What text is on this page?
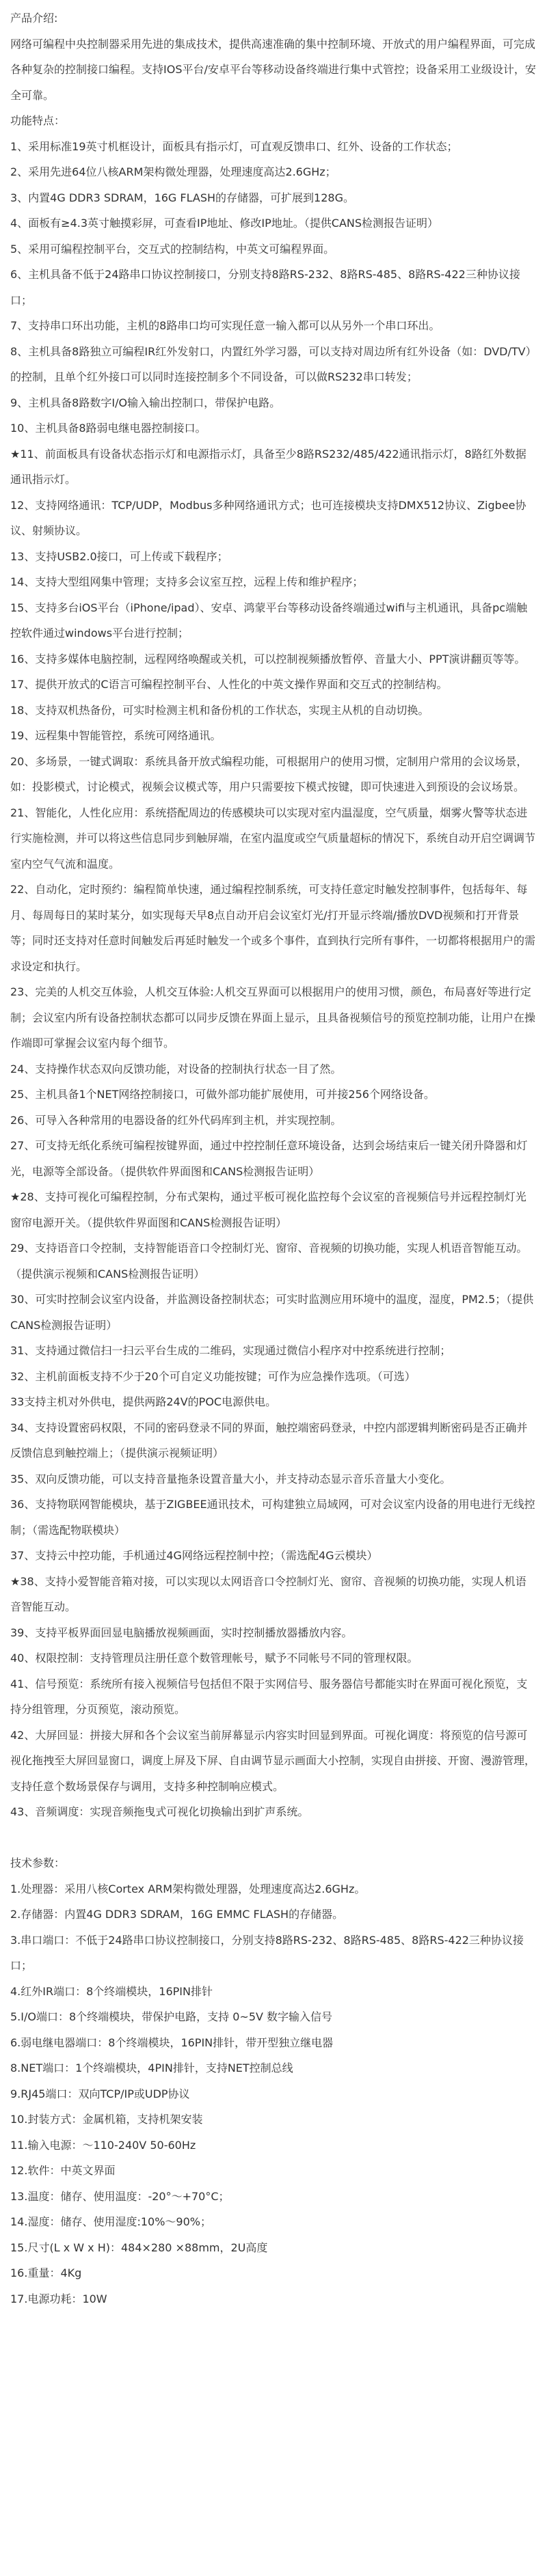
产品介绍:

网络可编程中央控制器采用先进的集成技术，提供高速准确的集中控制环境、开放式的用户编程界面，可完成各种复杂的控制接口编程。支持IOS平台/安卓平台等移动设备终端进行集中式管控；设备采用工业级设计，安全可靠。

功能特点：

1、采用标准19英寸机框设计，面板具有指示灯，可直观反馈串口、红外、设备的工作状态；

2、采用先进64位八核ARM架构微处理器，处理速度高达2.6GHz；

3、内置4G DDR3 SDRAM，16G FLASH的存储器，可扩展到128G。

4、面板有≥4.3英寸触摸彩屏，可查看IP地址、修改IP地址。（提供CANS检测报告证明）

5、采用可编程控制平台，交互式的控制结构，中英文可编程界面。

6、主机具备不低于24路串口协议控制接口，分别支持8路RS-232、8路RS-485、8路RS-422三种协议接口；

7、支持串口环出功能，主机的8路串口均可实现任意一输入都可以从另外一个串口环出。

8、主机具备8路独立可编程IR红外发射口，内置红外学习器，可以支持对周边所有红外设备（如：DVD/TV）的控制，且单个红外接口可以同时连接控制多个不同设备，可以做RS232串口转发；

9、主机具备8路数字I/O输入输出控制口，带保护电路。

10、主机具备8路弱电继电器控制接口。

★11、前面板具有设备状态指示灯和电源指示灯，具备至少8路RS232/485/422通讯指示灯，8路红外数据通讯指示灯。

12、支持网络通讯：TCP/UDP，Modbus多种网络通讯方式；也可连接模块支持DMX512协议、Zigbee协议、射频协议。

13、支持USB2.0接口，可上传或下载程序；

14、支持大型组网集中管理；支持多会议室互控，远程上传和维护程序；

15、支持多台iOS平台（iPhone/ipad）、安卓、鸿蒙平台等移动设备终端通过wifi与主机通讯，具备pc端触控软件通过windows平台进行控制；

16、支持多媒体电脑控制，远程网络唤醒或关机，可以控制视频播放暂停、音量大小、PPT演讲翻页等等。

17、提供开放式的C语言可编程控制平台、人性化的中英文操作界面和交互式的控制结构。

18、支持双机热备份，可实时检测主机和备份机的工作状态，实现主从机的自动切换。

19、远程集中智能管控，系统可网络通讯。

20、多场景，一键式调取：系统具备开放式编程功能，可根据用户的使用习惯，定制用户常用的会议场景，如：投影模式，讨论模式，视频会议模式等，用户只需要按下模式按键，即可快速进入到预设的会议场景。

21、智能化，人性化应用：系统搭配周边的传感模块可以实现对室内温湿度，空气质量，烟雾火警等状态进行实施检测，并可以将这些信息同步到触屏端，在室内温度或空气质量超标的情况下，系统自动开启空调调节室内空气气流和温度。

22、自动化，定时预约：编程简单快速，通过编程控制系统，可支持任意定时触发控制事件，包括每年、每月、每周每日的某时某分，如实现每天早8点自动开启会议室灯光/打开显示终端/播放DVD视频和打开背景等；同时还支持对任意时间触发后再延时触发一个或多个事件，直到执行完所有事件，一切都将根据用户的需求设定和执行。

23、完美的人机交互体验，人机交互体验:人机交互界面可以根据用户的使用习惯，颜色，布局喜好等进行定制；会议室内所有设备控制状态都可以同步反馈在界面上显示，且具备视频信号的预览控制功能，让用户在操作端即可掌握会议室内每个细节。

24、支持操作状态双向反馈功能，对设备的控制执行状态一目了然。

25、主机具备1个NET网络控制接口，可做外部功能扩展使用，可并接256个网络设备。

26、可导入各种常用的电器设备的红外代码库到主机，并实现控制。

27、可支持无纸化系统可编程按键界面，通过中控控制任意环境设备，达到会场结束后一键关闭升降器和灯光，电源等全部设备。（提供软件界面图和CANS检测报告证明）

★28、支持可视化可编程控制，分布式架构，通过平板可视化监控每个会议室的音视频信号并远程控制灯光窗帘电源开关。（提供软件界面图和CANS检测报告证明）

29、支持语音口令控制，支持智能语音口令控制灯光、窗帘、音视频的切换功能，实现人机语音智能互动。（提供演示视频和CANS检测报告证明）

30、可实时控制会议室内设备，并监测设备控制状态；可实时监测应用环境中的温度，湿度，PM2.5；（提供CANS检测报告证明）

31、支持通过微信扫一扫云平台生成的二维码，实现通过微信小程序对中控系统进行控制；

32、主机前面板支持不少于20个可自定义功能按键；可作为应急操作选项。（可选）

33支持主机对外供电，提供两路24V的POC电源供电。

34、支持设置密码权限，不同的密码登录不同的界面，触控端密码登录，中控内部逻辑判断密码是否正确并反馈信息到触控端上；（提供演示视频证明）

35、双向反馈功能，可以支持音量拖条设置音量大小，并支持动态显示音乐音量大小变化。

36、支持物联网智能模块，基于ZIGBEE通讯技术，可构建独立局域网，可对会议室内设备的用电进行无线控制；（需选配物联模块）

37、支持云中控功能，手机通过4G网络远程控制中控；（需选配4G云模块）

★38、支持小爱智能音箱对接，可以实现以太网语音口令控制灯光、窗帘、音视频的切换功能，实现人机语音智能互动。

39、支持平板界面回显电脑播放视频画面，实时控制播放器播放内容。

40、权限控制：支持管理员注册任意个数管理帐号，赋予不同帐号不同的管理权限。

41、信号预览：系统所有接入视频信号包括但不限于实网信号、服务器信号都能实时在界面可视化预览，支持分组管理，分页预览，滚动预览。

42、大屏回显：拼接大屏和各个会议室当前屏幕显示内容实时回显到界面。可视化调度：将预览的信号源可视化拖拽至大屏回显窗口，调度上屏及下屏、自由调节显示画面大小控制，实现自由拼接、开窗、漫游管理，支持任意个数场景保存与调用，支持多种控制响应模式。

43、音频调度：实现音频拖曳式可视化切换输出到扩声系统。

技术参数：

1.处理器：采用八核Cortex ARM架构微处理器，处理速度高达2.6GHz。

2.存储器：内置4G DDR3 SDRAM，16G EMMC FLASH的存储器。

3.串口端口：不低于24路串口协议控制接口，分别支持8路RS-232、8路RS-485、8路RS-422三种协议接口；

4.红外IR端口：8个终端模块，16PIN排针

5.I/O端口：8个终端模块，带保护电路，支持 0~5V 数字输入信号

6.弱电继电器端口：8个终端模块，16PIN排针，带开型独立继电器

8.NET端口：1个终端模块，4PIN排针，支持NET控制总线

9.RJ45端口：双向TCP/IP或UDP协议

10.封装方式：金属机箱，支持机架安装

11.输入电源：～110-240V 50-60Hz

12.软件：中英文界面

13.温度：储存、使用温度：-20°～+70°C；

14.湿度：储存、使用湿度:10%～90%；

15.尺寸(L x W x H)：484×280 ×88mm，2U高度

16.重量：4Kg

17.电源功耗：10W
